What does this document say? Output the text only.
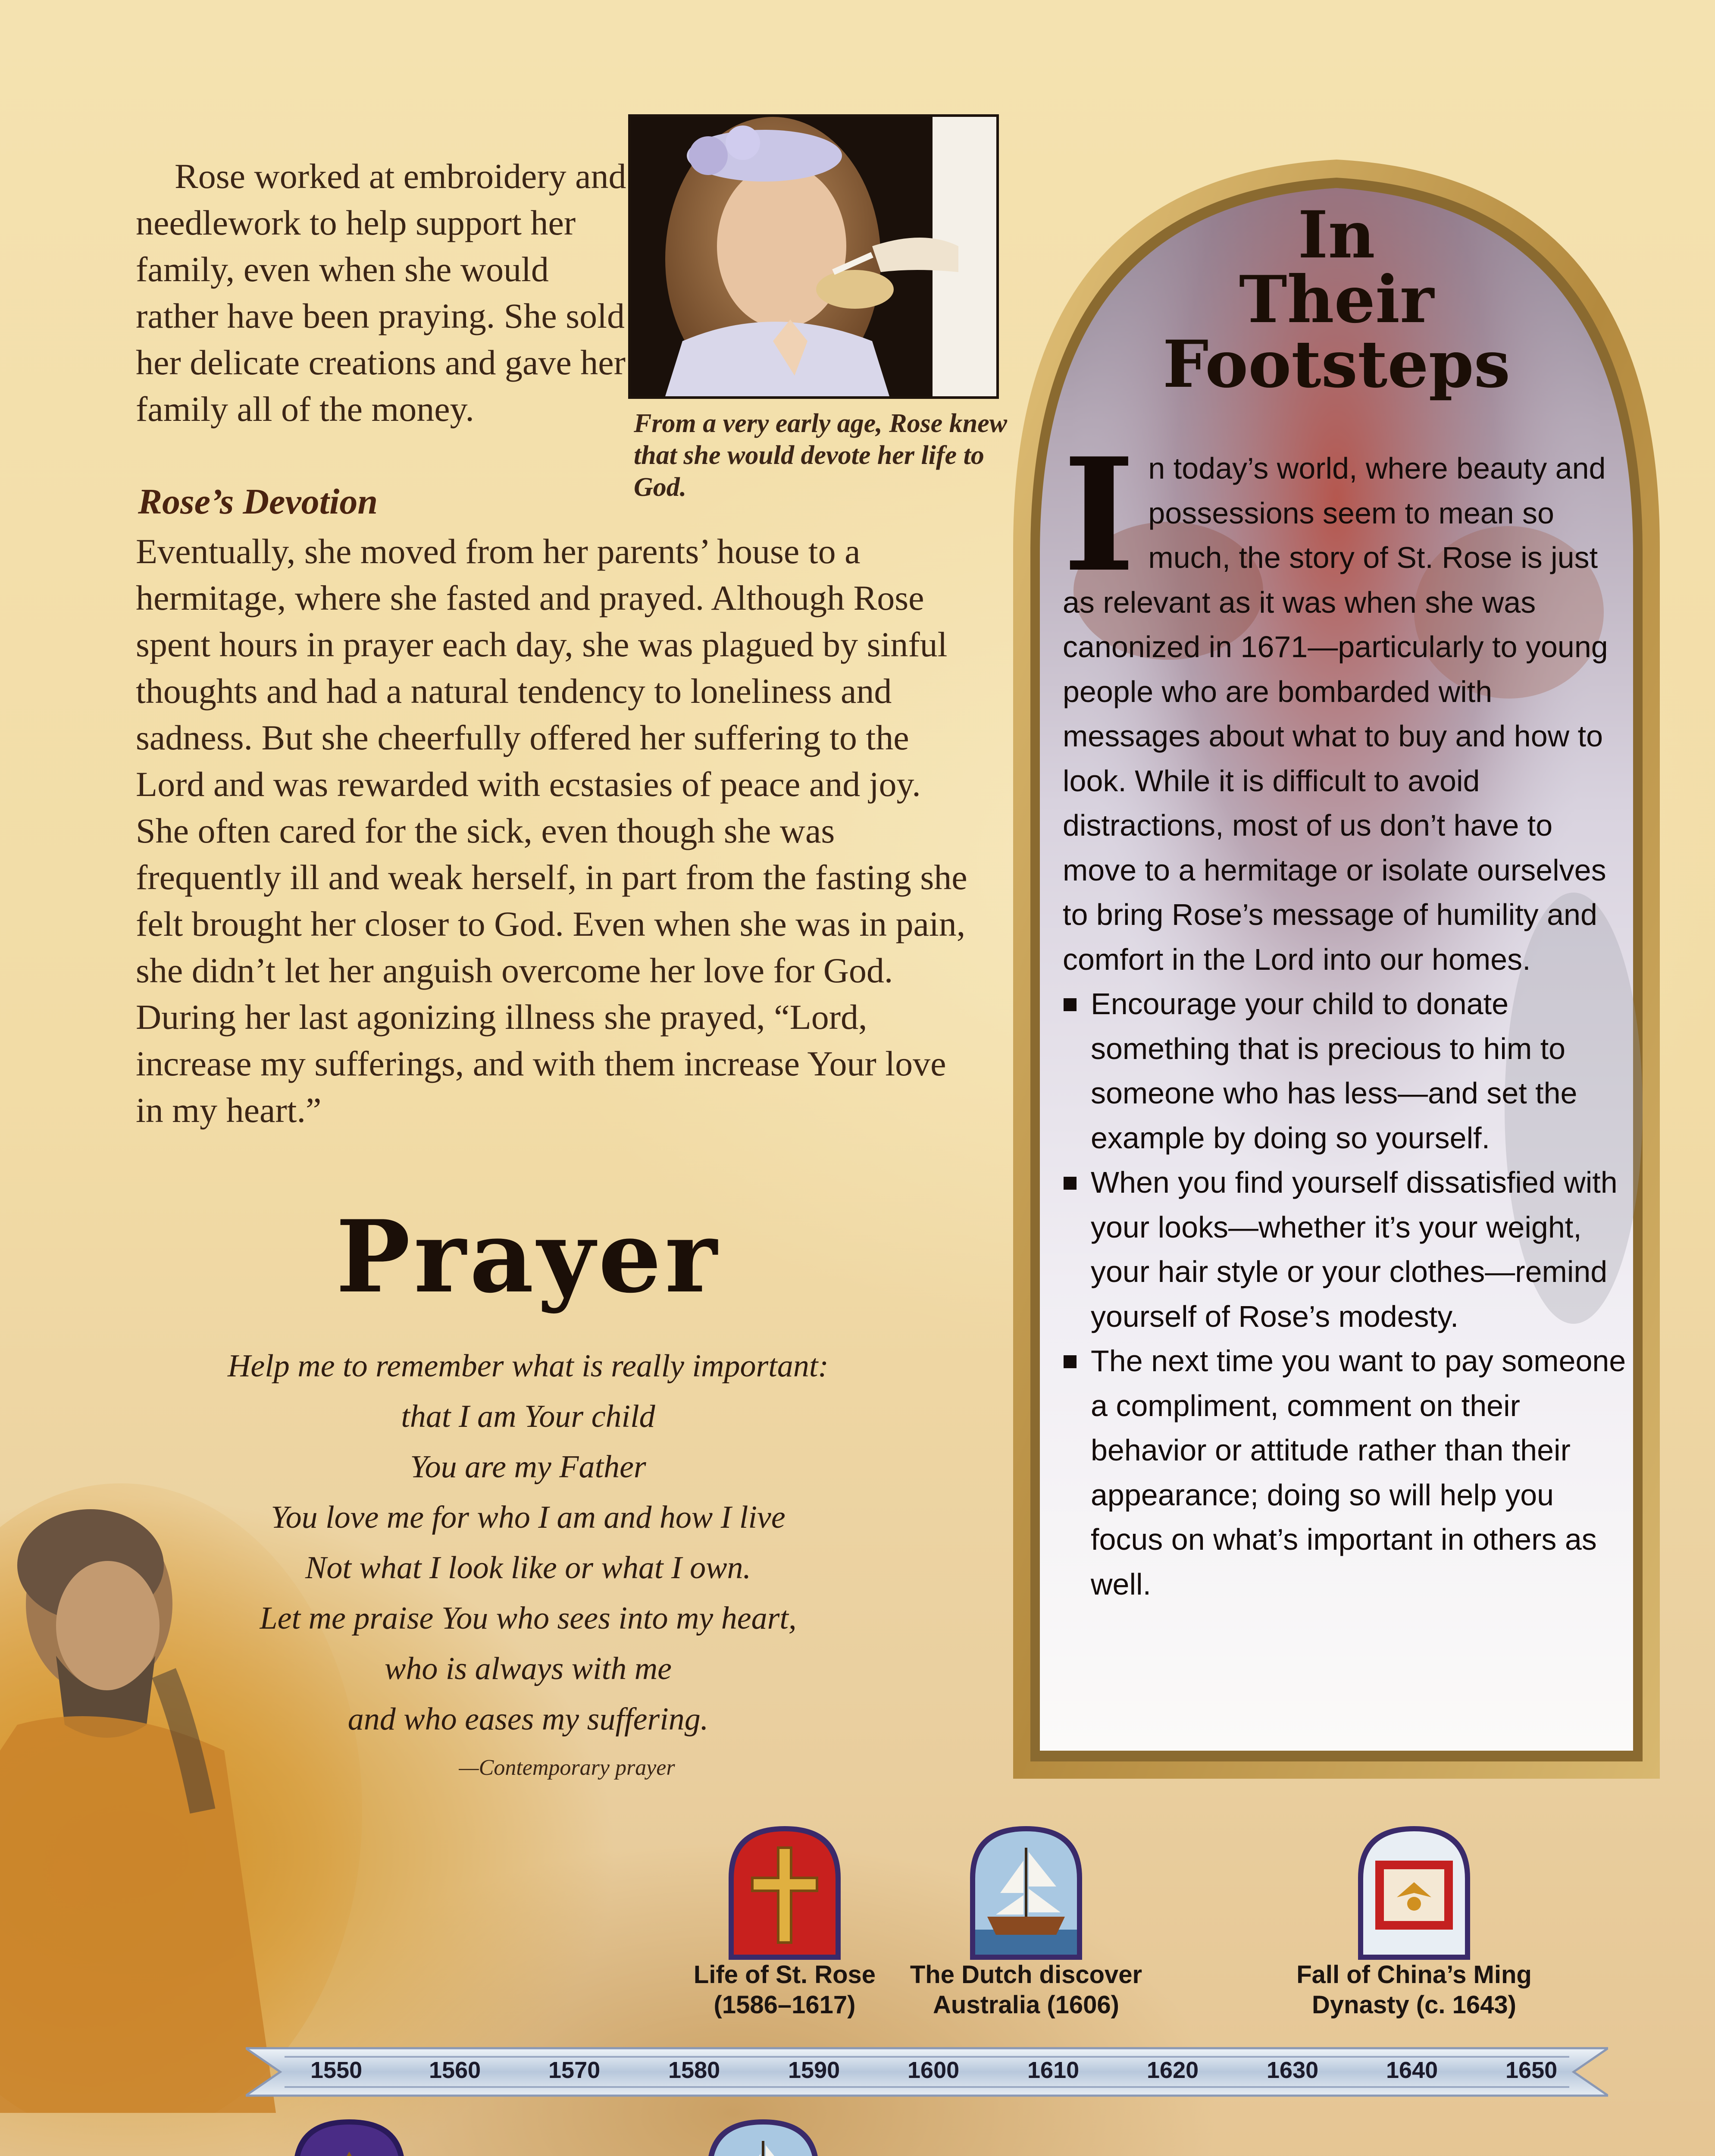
Rose worked at embroidery and needlework to help support her family, even when she would rather have been praying. She sold her delicate creations and gave her family all of the money.
Rose’s Devotion
Eventually, she moved from her parents’ house to a hermitage, where she fasted and prayed. Although Rose spent hours in prayer each day, she was plagued by sinful thoughts and had a natural tendency to loneliness and sadness. But she cheerfully offered her suffering to the Lord and was rewarded with ecstasies of peace and joy. She often cared for the sick, even though she was frequently ill and weak herself, in part from the fasting she felt brought her closer to God. Even when she was in pain, she didn’t let her anguish overcome her love for God. During her last agonizing illness she prayed, “Lord, increase my sufferings, and with them increase Your love in my heart.”
From a very early age, Rose knew that she would devote her life to God.
Prayer
Help me to remember what is really important:
that I am Your child
You are my Father
You love me for who I am and how I live
Not what I look like or what I own.
Let me praise You who sees into my heart,
who is always with me
and who eases my suffering.
—Contemporary prayer
In
Their
Footsteps
I n today’s world, where beauty and possessions seem to mean so much, the story of St. Rose is just as relevant as it was when she was canonized in 1671—particularly to young people who are bombarded with messages about what to buy and how to look. While it is difficult to avoid distractions, most of us don’t have to move to a hermitage or isolate ourselves to bring Rose’s message of humility and comfort in the Lord into our homes.
Encourage your child to donate something that is precious to him to someone who has less—and set the example by doing so yourself.
When you find yourself dissatisfied with your looks—whether it’s your weight, your hair style or your clothes—remind yourself of Rose’s modesty.
The next time you want to pay someone a compliment, comment on their behavior or attitude rather than their appearance; doing so will help you focus on what’s important in others as well.
Life of St. Rose
(1586–1617)
The Dutch discover
Australia (1606)
Fall of China’s Ming
Dynasty (c. 1643)
1550	1560	1570	1580	1590	1600	1610	1620	1630	1640	1650
